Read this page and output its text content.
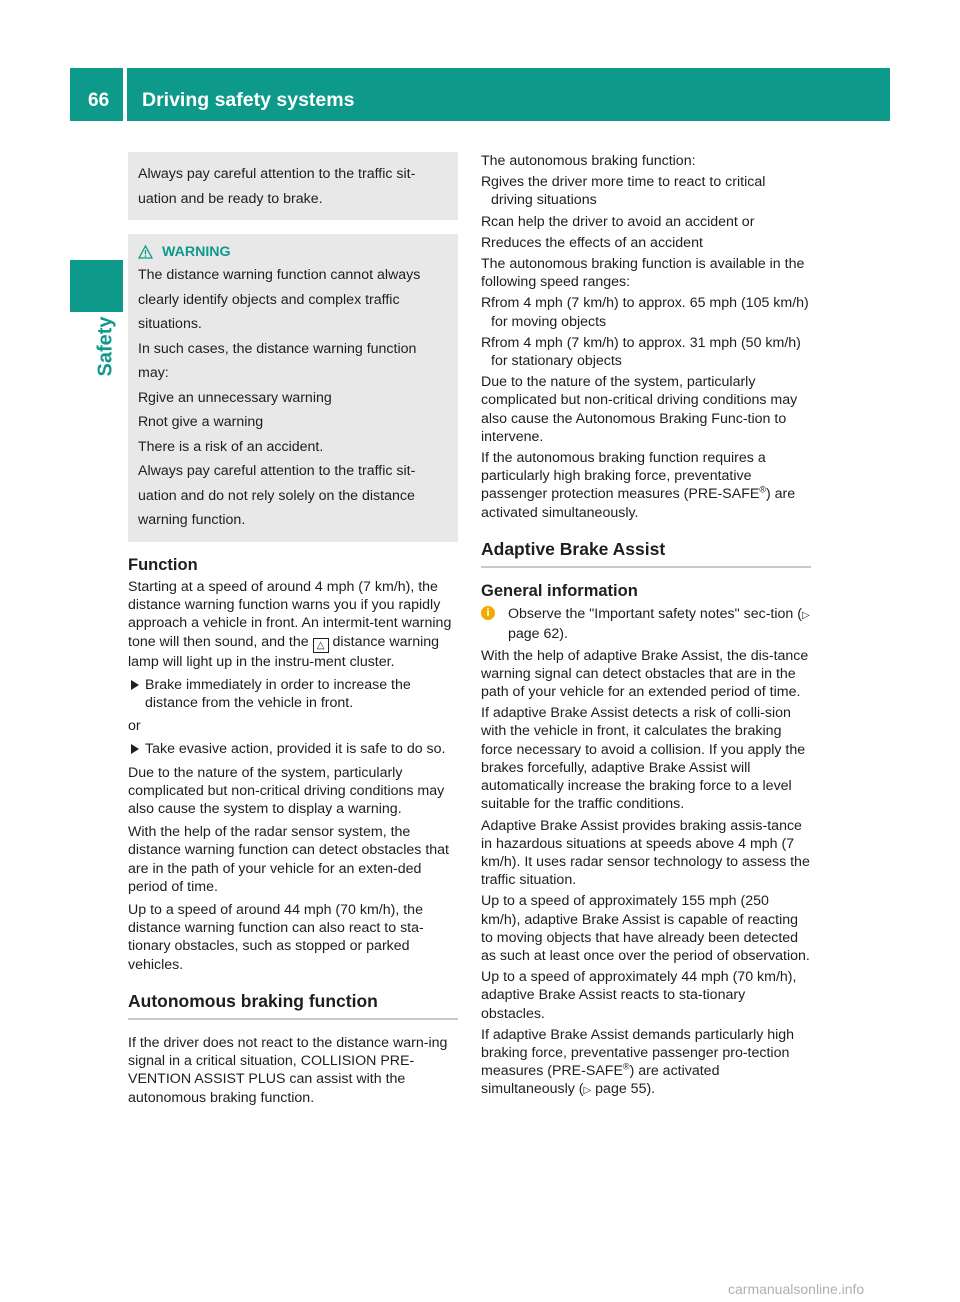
66 Driving safety systems
Safety

Always pay careful attention to the traffic sit-uation and be ready to brake.

WARNING

The distance warning function cannot always clearly identify objects and complex traffic situations.

In such cases, the distance warning function may:

R give an unnecessary warning

R not give a warning

There is a risk of an accident.

Always pay careful attention to the traffic sit-uation and do not rely solely on the distance warning function.

Function

Starting at a speed of around 4 mph (7 km/h), the distance warning function warns you if you rapidly approach a vehicle in front. An intermit-tent warning tone will then sound, and the △ distance warning lamp will light up in the instru-ment cluster.

Brake immediately in order to increase the distance from the vehicle in front.

or

Take evasive action, provided it is safe to do so.

Due to the nature of the system, particularly complicated but non-critical driving conditions may also cause the system to display a warning.

With the help of the radar sensor system, the distance warning function can detect obstacles that are in the path of your vehicle for an exten-ded period of time.

Up to a speed of around 44 mph (70 km/h), the distance warning function can also react to sta-tionary obstacles, such as stopped or parked vehicles.

Autonomous braking function

If the driver does not react to the distance warn-ing signal in a critical situation, COLLISION PRE-VENTION ASSIST PLUS can assist with the autonomous braking function.

The autonomous braking function:

R gives the driver more time to react to critical driving situations

R can help the driver to avoid an accident or

R reduces the effects of an accident

The autonomous braking function is available in the following speed ranges:

R from 4 mph (7 km/h) to approx. 65 mph (105 km/h) for moving objects

R from 4 mph (7 km/h) to approx. 31 mph (50 km/h) for stationary objects

Due to the nature of the system, particularly complicated but non-critical driving conditions may also cause the Autonomous Braking Func-tion to intervene.

If the autonomous braking function requires a particularly high braking force, preventative passenger protection measures (PRE-SAFE®) are activated simultaneously.

Adaptive Brake Assist
General information

i	Observe the "Important safety notes" sec-tion (▷ page 62).

With the help of adaptive Brake Assist, the dis-tance warning signal can detect obstacles that are in the path of your vehicle for an extended period of time.

If adaptive Brake Assist detects a risk of colli-sion with the vehicle in front, it calculates the braking force necessary to avoid a collision. If you apply the brakes forcefully, adaptive Brake Assist will automatically increase the braking force to a level suitable for the traffic conditions.

Adaptive Brake Assist provides braking assis-tance in hazardous situations at speeds above 4 mph (7 km/h). It uses radar sensor technology to assess the traffic situation.

Up to a speed of approximately 155 mph (250 km/h), adaptive Brake Assist is capable of reacting to moving objects that have already been detected as such at least once over the period of observation.

Up to a speed of approximately 44 mph (70 km/h), adaptive Brake Assist reacts to sta-tionary obstacles.

If adaptive Brake Assist demands particularly high braking force, preventative passenger pro-tection measures (PRE-SAFE®) are activated simultaneously (▷ page 55).

carmanualsonline.info
